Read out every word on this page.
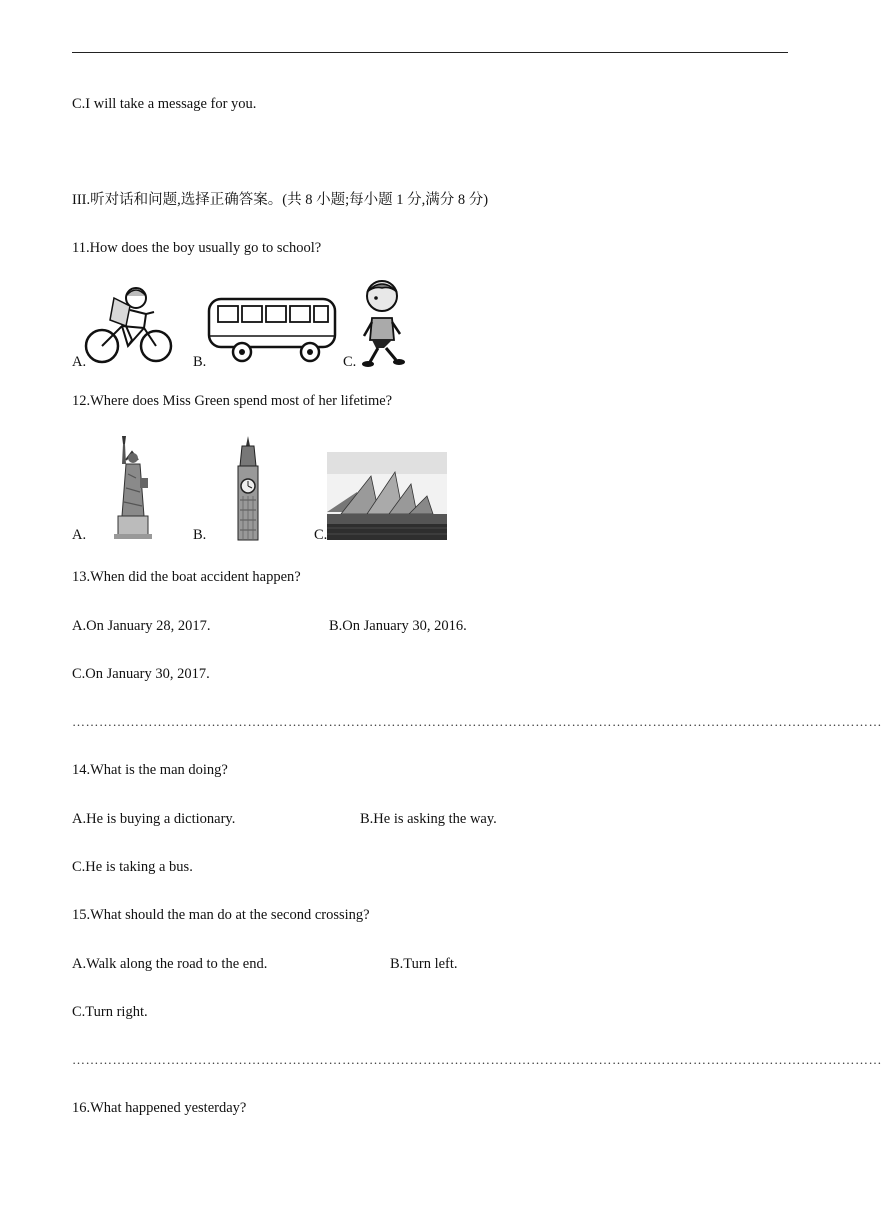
C.I will take a message for you.
III.听对话和问题,选择正确答案。(共 8 小题;每小题 1 分,满分 8 分)
11.How does the boy usually go to school?
A.	B.	C.
12.Where does Miss Green spend most of her lifetime?
A.	B.	C.
13.When did the boat accident happen?
A.On January 28, 2017.	B.On January 30, 2016.
C.On January 30, 2017.
………………………………………………………………………………………………………………………………………………………………
14.What is the man doing?
A.He is buying a dictionary.	B.He is asking the way.
C.He is taking a bus.
15.What should the man do at the second crossing?
A.Walk along the road to the end.	B.Turn left.
C.Turn right.
………………………………………………………………………………………………………………………………………………………………
16.What happened yesterday?
